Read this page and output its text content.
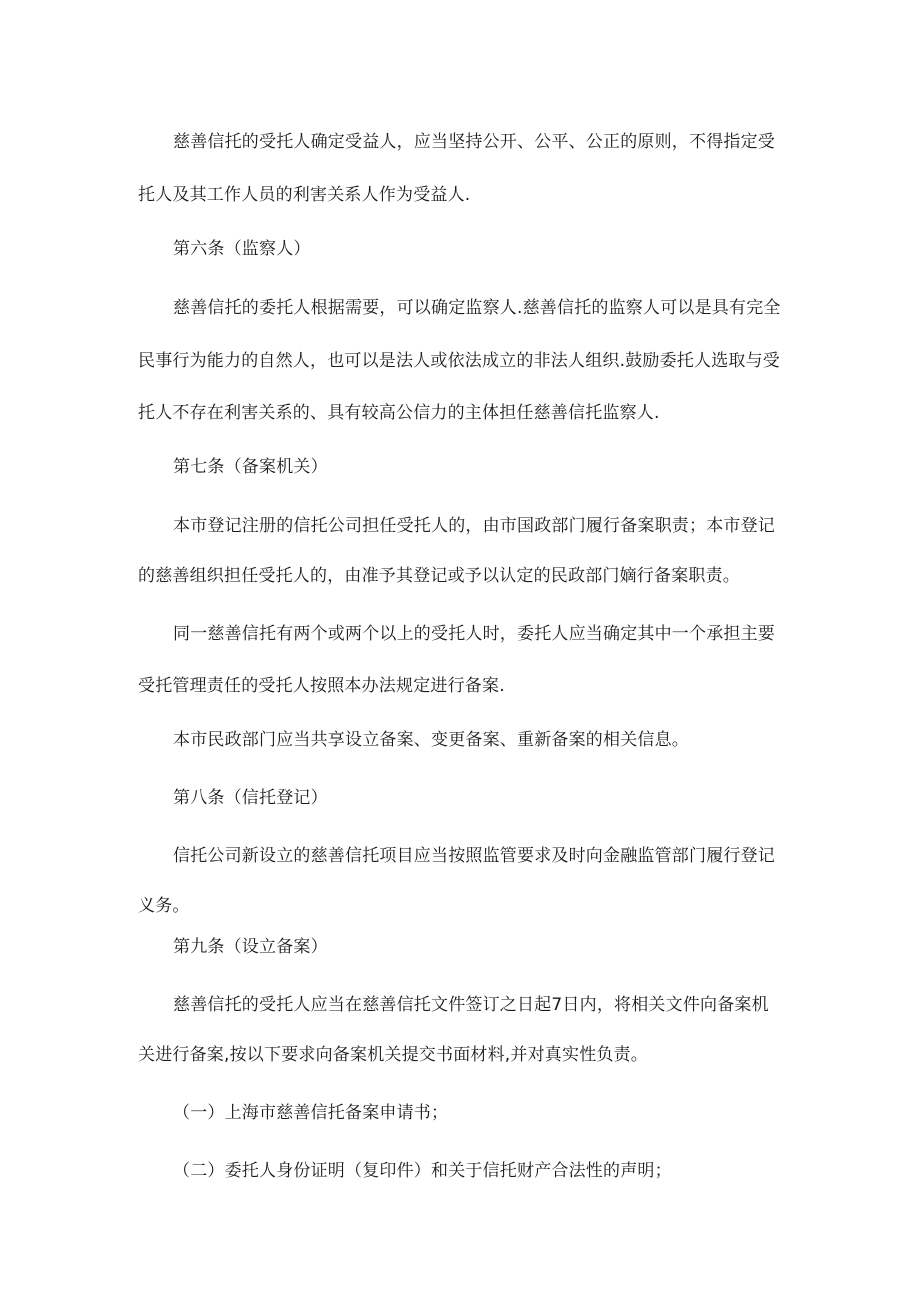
慈善信托的受托人确定受益人，应当坚持公开、公平、公正的原则，不得指定受
托人及其工作人员的利害关系人作为受益人.
第六条（监察人）
慈善信托的委托人根据需要，可以确定监察人.慈善信托的监察人可以是具有完全
民事行为能力的自然人，也可以是法人或依法成立的非法人组织.鼓励委托人选取与受
托人不存在利害关系的、具有较高公信力的主体担任慈善信托监察人.
第七条（备案机关）
本市登记注册的信托公司担任受托人的，由市国政部门履行备案职责；本市登记
的慈善组织担任受托人的，由准予其登记或予以认定的民政部门嫡行备案职责。
同一慈善信托有两个或两个以上的受托人时，委托人应当确定其中一个承担主要
受托管理责任的受托人按照本办法规定进行备案.
本市民政部门应当共享设立备案、变更备案、重新备案的相关信息。
第八条（信托登记）
信托公司新设立的慈善信托项目应当按照监管要求及时向金融监管部门履行登记
义务。
第九条（设立备案）
慈善信托的受托人应当在慈善信托文件签订之日起7日内，将相关文件向备案机
关进行备案,按以下要求向备案机关提交书面材料,并对真实性负责。
（一）上海市慈善信托备案申请书；
（二）委托人身份证明（复印件）和关于信托财产合法性的声明；
